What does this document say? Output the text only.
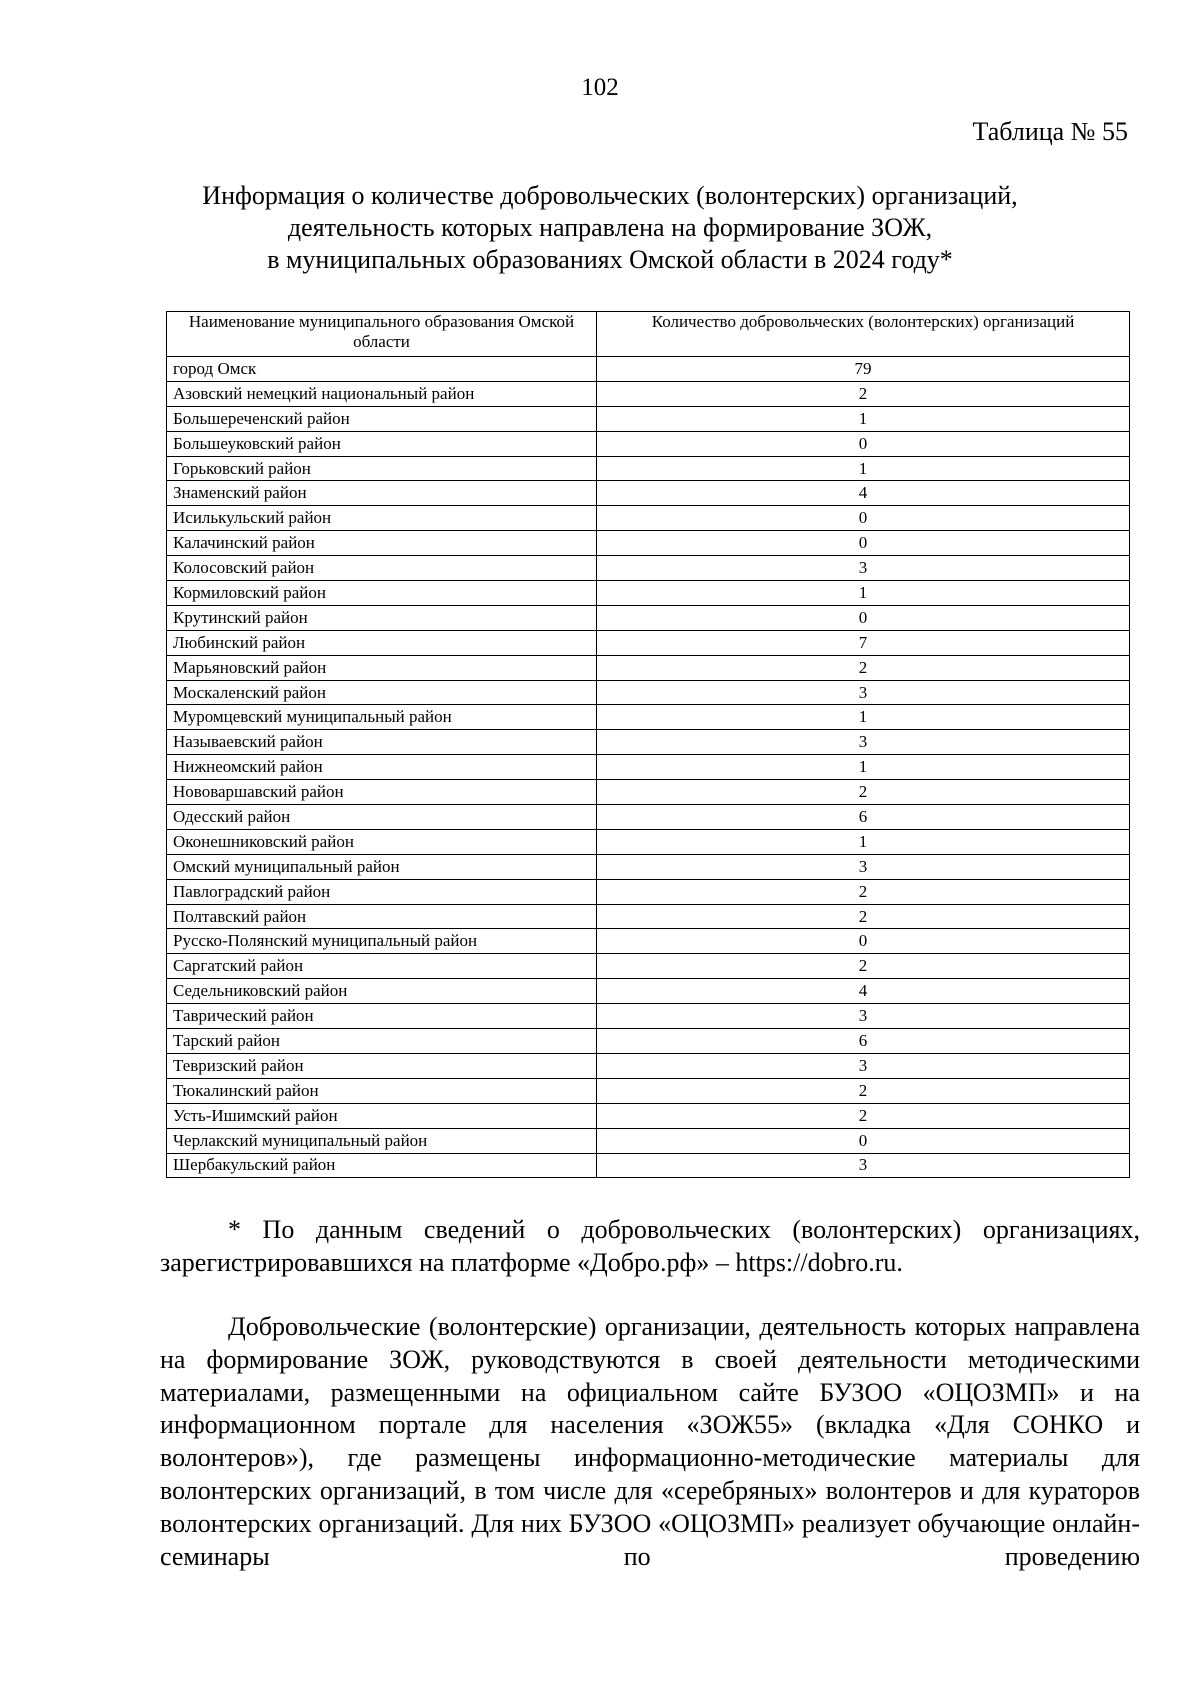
102
Таблица № 55
Информация о количестве добровольческих (волонтерских) организаций,
деятельность которых направлена на формирование ЗОЖ,
в муниципальных образованиях Омской области в 2024 году*
Наименование муниципального образования Омской области	Количество добровольческих (волонтерских) организаций
город Омск	79
Азовский немецкий национальный район	2
Большереченский район	1
Большеуковский район	0
Горьковский район	1
Знаменский район	4
Исилькульский район	0
Калачинский район	0
Колосовский район	3
Кормиловский район	1
Крутинский район	0
Любинский район	7
Марьяновский район	2
Москаленский район	3
Муромцевский муниципальный район	1
Называевский район	3
Нижнеомский район	1
Нововаршавский район	2
Одесский район	6
Оконешниковский район	1
Омский муниципальный район	3
Павлоградский район	2
Полтавский район	2
Русско-Полянский муниципальный район	0
Саргатский район	2
Седельниковский район	4
Таврический район	3
Тарский район	6
Тевризский район	3
Тюкалинский район	2
Усть-Ишимский район	2
Черлакский муниципальный район	0
Шербакульский район	3
* По данным сведений о добровольческих (волонтерских) организациях, зарегистрировавшихся на платформе «Добро.рф» – https://dobro.ru.
Добровольческие (волонтерские) организации, деятельность которых направлена на формирование ЗОЖ, руководствуются в своей деятельности методическими материалами, размещенными на официальном сайте БУЗОО «ОЦОЗМП» и на информационном портале для населения «ЗОЖ55» (вкладка «Для СОНКО и волонтеров»), где размещены информационно-методические материалы для волонтерских организаций, в том числе для «серебряных» волонтеров и для кураторов волонтерских организаций. Для них БУЗОО «ОЦОЗМП» реализует обучающие онлайн-семинары по проведению
